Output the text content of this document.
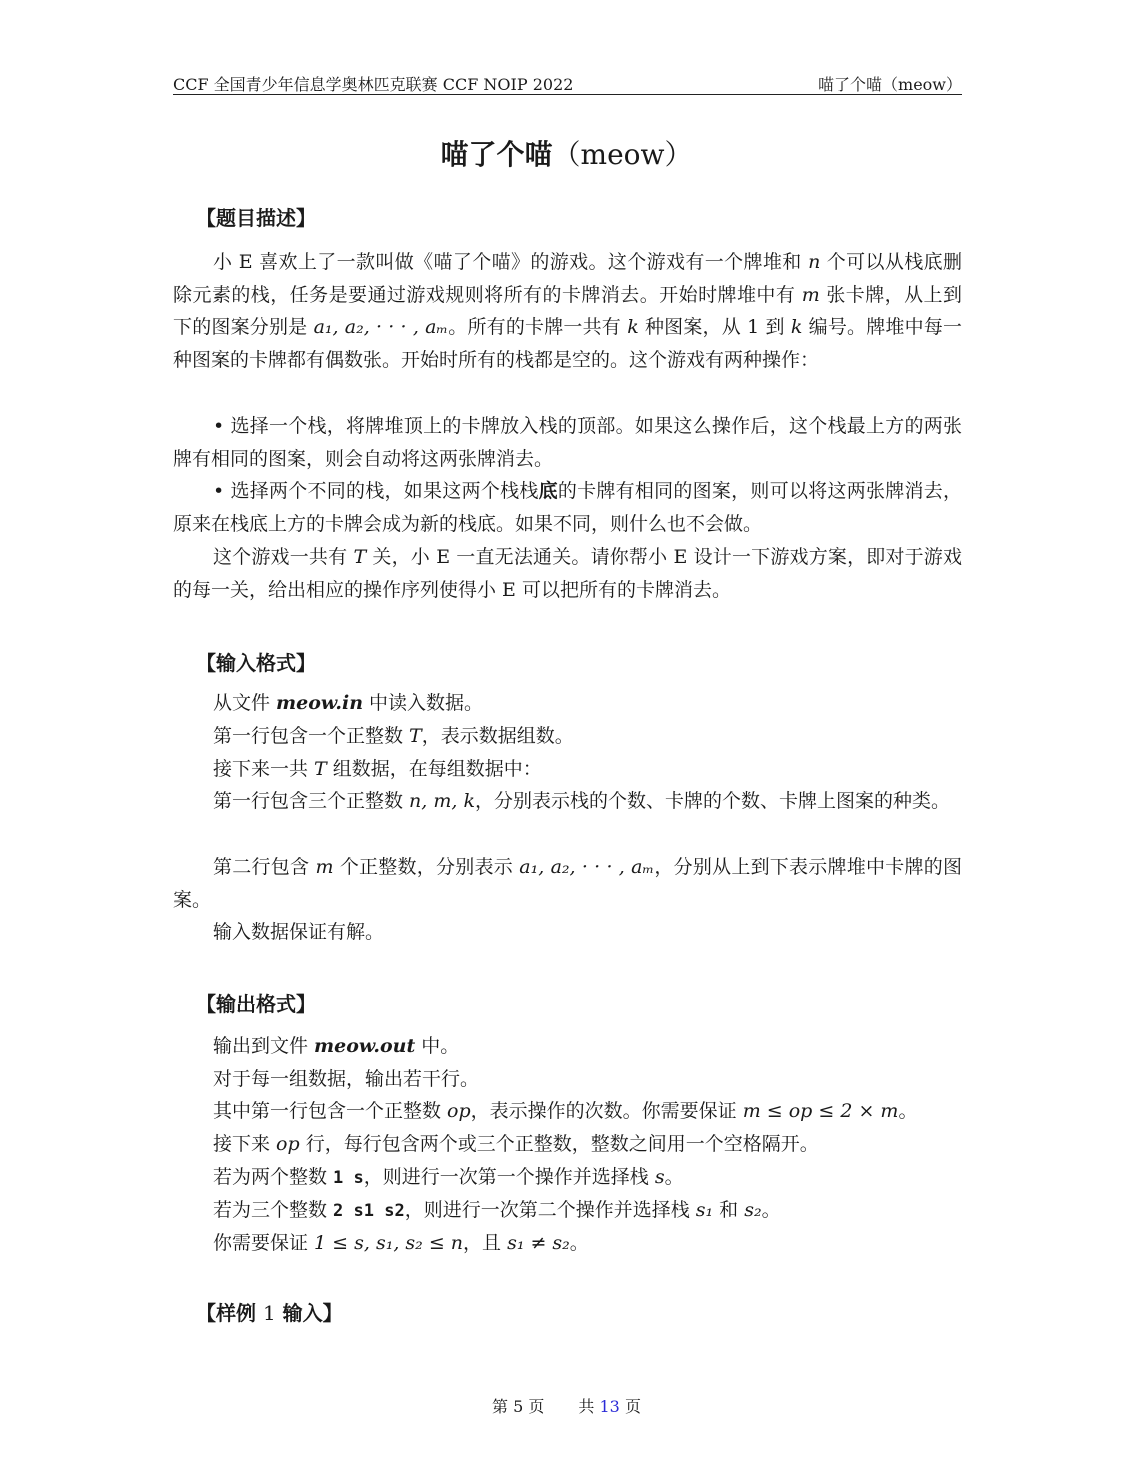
CCF 全国青少年信息学奥林匹克联赛 CCF NOIP 2022	喵了个喵（meow）
喵了个喵（meow）
【题目描述】
小 E 喜欢上了一款叫做《喵了个喵》的游戏。这个游戏有一个牌堆和 n 个可以从栈底删除元素的栈，任务是要通过游戏规则将所有的卡牌消去。开始时牌堆中有 m 张卡牌，从上到下的图案分别是 a₁, a₂, · · · , aₘ。所有的卡牌一共有 k 种图案，从 1 到 k 编号。牌堆中每一种图案的卡牌都有偶数张。开始时所有的栈都是空的。这个游戏有两种操作：
• 选择一个栈，将牌堆顶上的卡牌放入栈的顶部。如果这么操作后，这个栈最上方的两张牌有相同的图案，则会自动将这两张牌消去。
• 选择两个不同的栈，如果这两个栈栈底的卡牌有相同的图案，则可以将这两张牌消去，原来在栈底上方的卡牌会成为新的栈底。如果不同，则什么也不会做。
这个游戏一共有 T 关，小 E 一直无法通关。请你帮小 E 设计一下游戏方案，即对于游戏的每一关，给出相应的操作序列使得小 E 可以把所有的卡牌消去。
【输入格式】
从文件 meow.in 中读入数据。
第一行包含一个正整数 T，表示数据组数。
接下来一共 T 组数据，在每组数据中：
第一行包含三个正整数 n, m, k，分别表示栈的个数、卡牌的个数、卡牌上图案的种类。
第二行包含 m 个正整数，分别表示 a₁, a₂, · · · , aₘ，分别从上到下表示牌堆中卡牌的图案。
输入数据保证有解。
【输出格式】
输出到文件 meow.out 中。
对于每一组数据，输出若干行。
其中第一行包含一个正整数 op，表示操作的次数。你需要保证 m ≤ op ≤ 2 × m。
接下来 op 行，每行包含两个或三个正整数，整数之间用一个空格隔开。
若为两个整数 1 s，则进行一次第一个操作并选择栈 s。
若为三个整数 2 s1 s2，则进行一次第二个操作并选择栈 s₁ 和 s₂。
你需要保证 1 ≤ s, s₁, s₂ ≤ n，且 s₁ ≠ s₂。
【样例 1 输入】
第 5 页 共 13 页
